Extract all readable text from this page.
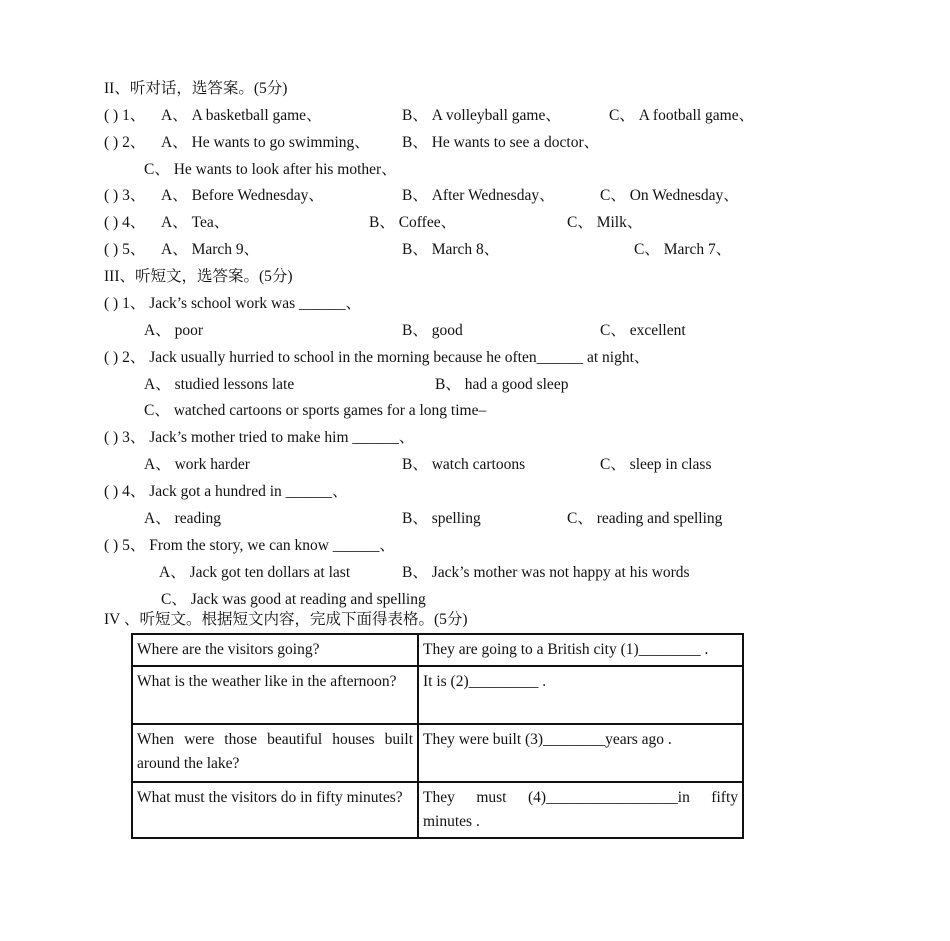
II、听对话，选答案。(5分)
( ) 1、 A、 A basketball game、	B、 A volleyball game、	C、 A football game、
( ) 2、 A、 He wants to go swimming、 B、 He wants to see a doctor、
C、 He wants to look after his mother、
( ) 3、 A、 Before Wednesday、	B、 After Wednesday、	C、 On Wednesday、
( ) 4、 A、 Tea、	B、 Coffee、	C、 Milk、
( ) 5、 A、 March 9、	B、 March 8、	C、 March 7、
III、听短文，选答案。(5分)
( ) 1、 Jack’s school work was ______、
A、 poor	B、 good	C、 excellent
( ) 2、 Jack usually hurried to school in the morning because he often______ at night、
A、 studied lessons late	B、 had a good sleep
C、 watched cartoons or sports games for a long time–
( ) 3、 Jack’s mother tried to make him ______、
A、 work harder	B、 watch cartoons	C、 sleep in class
( ) 4、 Jack got a hundred in ______、
A、 reading	B、 spelling	C、 reading and spelling
( ) 5、 From the story, we can know ______、
A、 Jack got ten dollars at last	B、 Jack’s mother was not happy at his words
C、 Jack was good at reading and spelling
IV 、听短文。根据短文内容，完成下面得表格。(5分)
Where are the visitors going?	They are going to a British city (1)________ .
What is the weather like in the afternoon?	It is (2)_________ .
When were those beautiful houses built around the lake?	They were built (3)________years ago .
What must the visitors do in fifty minutes?	They must (4)_________________in fifty minutes .
